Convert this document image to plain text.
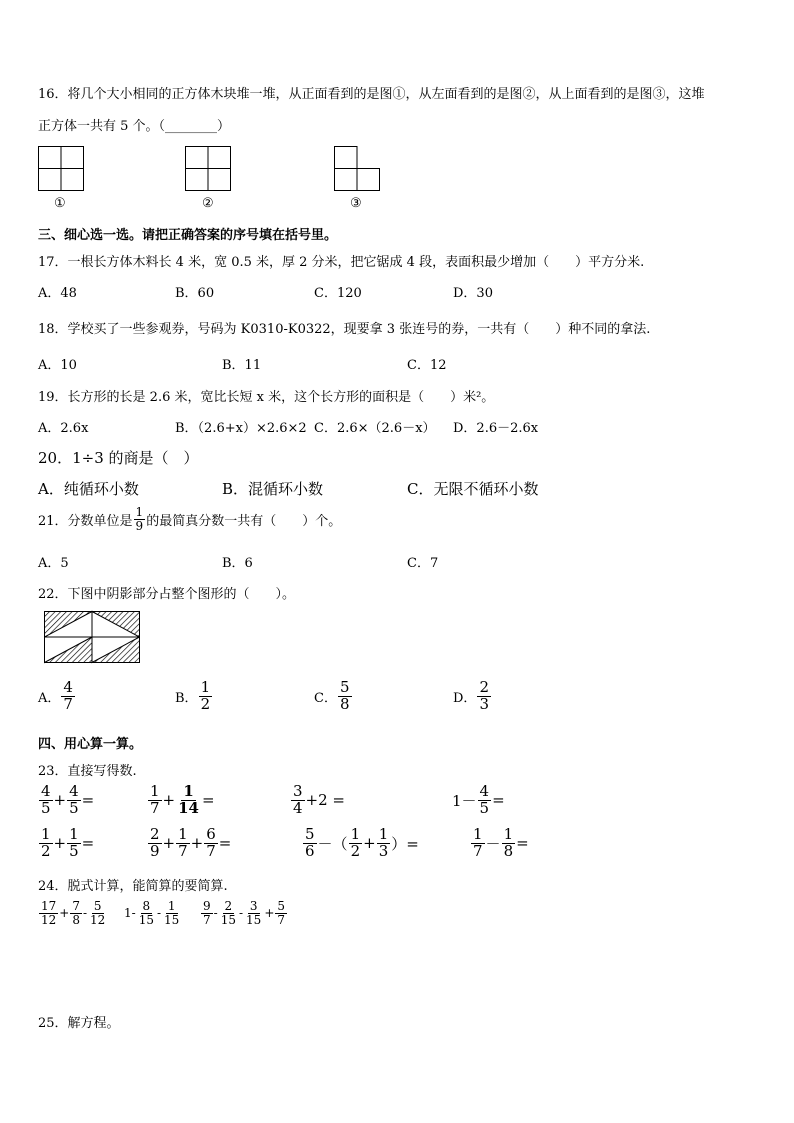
16．将几个大小相同的正方体木块堆一堆，从正面看到的是图①，从左面看到的是图②，从上面看到的是图③，这堆
正方体一共有 5 个。（________）
①	②	③
三、细心选一选。请把正确答案的序号填在括号里。
17．一根长方体木料长 4 米，宽 0.5 米，厚 2 分米，把它锯成 4 段，表面积最少增加（　　）平方分米.
A．48	B．60	C．120	D．30
18．学校买了一些参观券，号码为 K0310-K0322，现要拿 3 张连号的券，一共有（　　）种不同的拿法.
A．10	B．11	C．12
19．长方形的长是 2.6 米，宽比长短 x 米，这个长方形的面积是（　　）米²。
A．2.6x	B．（2.6+x）×2.6×2 C．2.6×（2.6－x） D．2.6－2.6x
20．1÷3 的商是（　）
A．纯循环小数	B．混循环小数	C．无限不循环小数
21．分数单位是 $\frac{1}{9}$ 的最简真分数一共有（　　）个。
A．5	B．6	C．7
22．下图中阴影部分占整个图形的（　　）。
A． $\frac{4}{7}$	B． $\frac{1}{2}$	C． $\frac{5}{8}$	D． $\frac{2}{3}$
四、用心算一算。
23．直接写得数.
$\frac{4}{5} + \frac{4}{5}$ =	$\frac{1}{7} + \frac{1}{14}$ =	$\frac{3}{4} +2$ =	$1- \frac{4}{5}$ =
$\frac{1}{2} + \frac{1}{5}$ =	$\frac{2}{9} + \frac{1}{7} + \frac{6}{7}$ =	$\frac{5}{6}$ －（ $\frac{1}{2} + \frac{1}{3}$ ）=	$\frac{1}{7} - \frac{1}{8}$ =
24．脱式计算，能简算的要简算.
$\frac{17}{12} + \frac{7}{8} - \frac{5}{12} 1- \frac{8}{15} - \frac{1}{15} \frac{9}{7} - \frac{2}{15} - \frac{3}{15} + \frac{5}{7}$
25．解方程。
